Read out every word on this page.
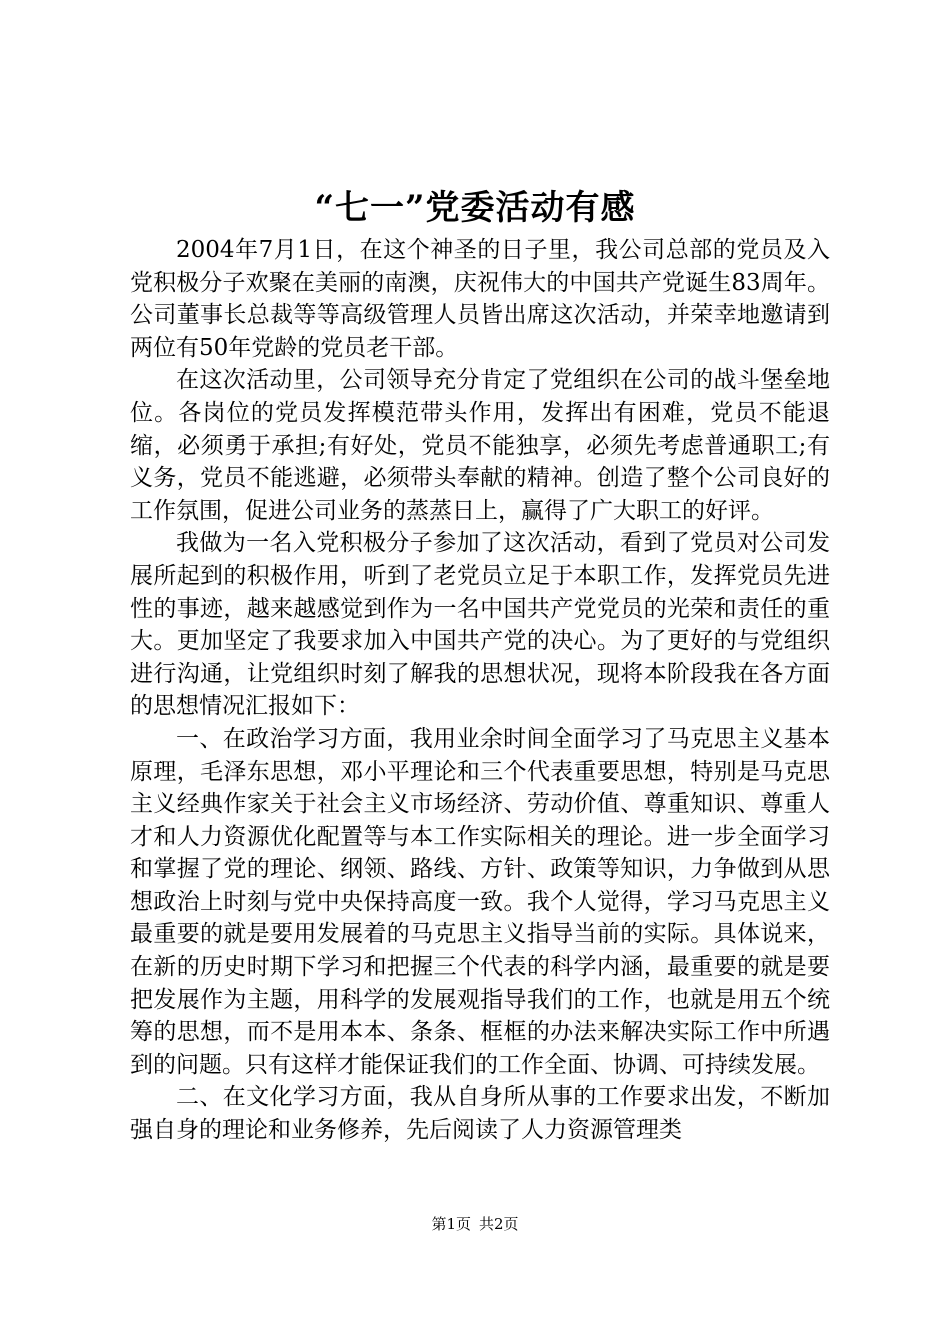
“七一”党委活动有感

2004年7月1日，在这个神圣的日子里，我公司总部的党员及入党积极分子欢聚在美丽的南澳，庆祝伟大的中国共产党诞生83周年。公司董事长总裁等等高级管理人员皆出席这次活动，并荣幸地邀请到两位有50年党龄的党员老干部。

在这次活动里，公司领导充分肯定了党组织在公司的战斗堡垒地位。各岗位的党员发挥模范带头作用，发挥出有困难，党员不能退缩，必须勇于承担;有好处，党员不能独享，必须先考虑普通职工;有义务，党员不能逃避，必须带头奉献的精神。创造了整个公司良好的工作氛围，促进公司业务的蒸蒸日上，赢得了广大职工的好评。

我做为一名入党积极分子参加了这次活动，看到了党员对公司发展所起到的积极作用，听到了老党员立足于本职工作，发挥党员先进性的事迹，越来越感觉到作为一名中国共产党党员的光荣和责任的重大。更加坚定了我要求加入中国共产党的决心。为了更好的与党组织进行沟通，让党组织时刻了解我的思想状况，现将本阶段我在各方面的思想情况汇报如下：

一、在政治学习方面，我用业余时间全面学习了马克思主义基本原理，毛泽东思想，邓小平理论和三个代表重要思想，特别是马克思主义经典作家关于社会主义市场经济、劳动价值、尊重知识、尊重人才和人力资源优化配置等与本工作实际相关的理论。进一步全面学习和掌握了党的理论、纲领、路线、方针、政策等知识，力争做到从思想政治上时刻与党中央保持高度一致。我个人觉得，学习马克思主义最重要的就是要用发展着的马克思主义指导当前的实际。具体说来，在新的历史时期下学习和把握三个代表的科学内涵，最重要的就是要把发展作为主题，用科学的发展观指导我们的工作，也就是用五个统筹的思想，而不是用本本、条条、框框的办法来解决实际工作中所遇到的问题。只有这样才能保证我们的工作全面、协调、可持续发展。

二、在文化学习方面，我从自身所从事的工作要求出发，不断加强自身的理论和业务修养，先后阅读了人力资源管理类

第1页 共2页
